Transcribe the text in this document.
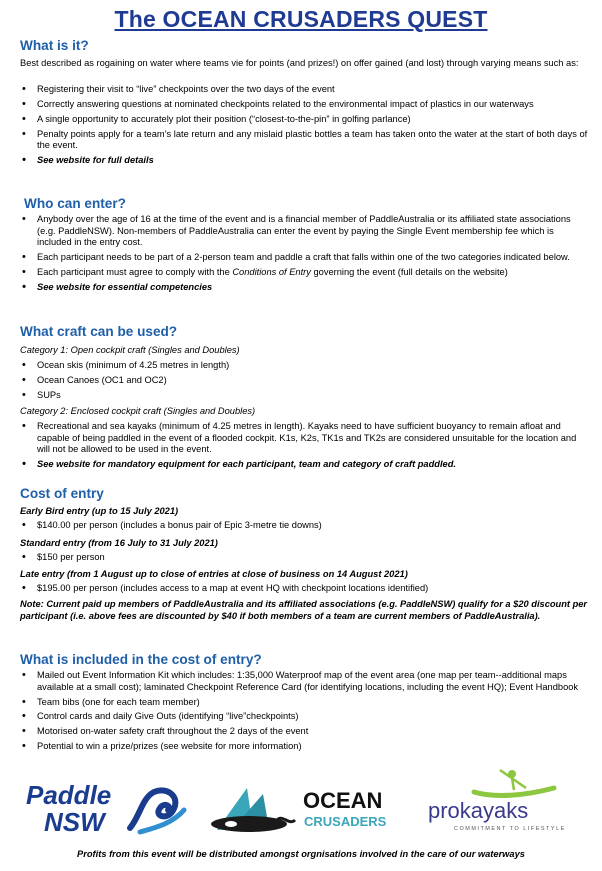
The OCEAN CRUSADERS QUEST
What is it?
Best described as rogaining on water where teams vie for points (and prizes!) on offer gained (and lost) through varying means such as:
• Registering their visit to “live” checkpoints over the two days of the event
• Correctly answering questions at nominated checkpoints related to the environmental impact of plastics in our waterways
• A single opportunity to accurately plot their position (“closest-to-the-pin” in golfing parlance)
• Penalty points apply for a team’s late return and any mislaid plastic bottles a team has taken onto the water at the start of both days of the event.
• See website for full details
Who can enter?
• Anybody over the age of 16 at the time of the event and is a financial member of PaddleAustralia or its affiliated state associations (e.g. PaddleNSW). Non-members of PaddleAustralia can enter the event by paying the Single Event membership fee which is included in the entry cost.
• Each participant needs to be part of a 2-person team and paddle a craft that falls within one of the two categories indicated below.
• Each participant must agree to comply with the Conditions of Entry governing the event (full details on the website)
• See website for essential competencies
What craft can be used?
Category 1: Open cockpit craft (Singles and Doubles)
• Ocean skis (minimum of 4.25 metres in length)
• Ocean Canoes (OC1 and OC2)
• SUPs
Category 2: Enclosed cockpit craft (Singles and Doubles)
• Recreational and sea kayaks (minimum of 4.25 metres in length). Kayaks need to have sufficient buoyancy to remain afloat and capable of being paddled in the event of a flooded cockpit. K1s, K2s, TK1s and TK2s are considered unsuitable for the location and will not be allowed to be used in the event.
• See website for mandatory equipment for each participant, team and category of craft paddled.
Cost of entry
Early Bird entry (up to 15 July 2021)
• $140.00 per person (includes a bonus pair of Epic 3-metre tie downs)
Standard entry (from 16 July to 31 July 2021)
• $150 per person
Late entry (from 1 August up to close of entries at close of business on 14 August 2021)
• $195.00 per person (includes access to a map at event HQ with checkpoint locations identified)
Note: Current paid up members of PaddleAustralia and its affiliated associations (e.g. PaddleNSW) qualify for a $20 discount per participant (i.e. above fees are discounted by $40 if both members of a team are current members of PaddleAustralia).
What is included in the cost of entry?
• Mailed out Event Information Kit which includes: 1:35,000 Waterproof map of the event area (one map per team--additional maps available at a small cost); laminated Checkpoint Reference Card (for identifying locations, including the event HQ); Event Handbook
• Team bibs (one for each team member)
• Control cards and daily Give Outs (identifying “live”checkpoints)
• Motorised on-water safety craft throughout the 2 days of the event
• Potential to win a prize/prizes (see website for more information)
Paddle
NSW
OCEAN
CRUSADERS prokayaks
COMMITMENT TO LIFESTYLE
Profits from this event will be distributed amongst orgnisations involved in the care of our waterways
